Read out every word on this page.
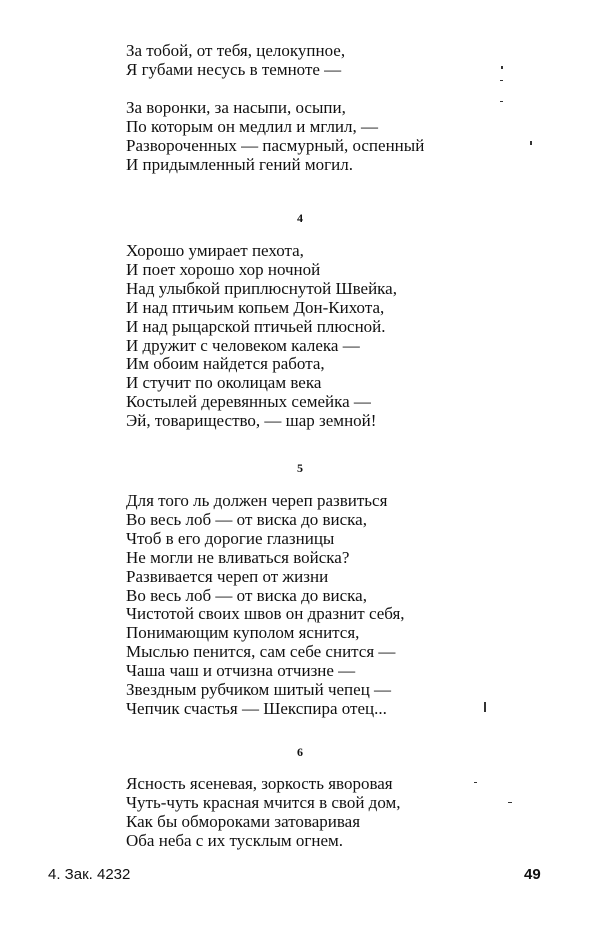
За тобой, от тебя, целокупное,
Я губами несусь в темноте —
За воронки, за насыпи, осыпи,
По которым он медлил и мглил, —
Развороченных — пасмурный, оспенный
И придымленный гений могил.
4
Хорошо умирает пехота,
И поет хорошо хор ночной
Над улыбкой приплюснутой Швейка,
И над птичьим копьем Дон-Кихота,
И над рыцарской птичьей плюсной.
И дружит с человеком калека —
Им обоим найдется работа,
И стучит по околицам века
Костылей деревянных семейка —
Эй, товарищество, — шар земной!
5
Для того ль должен череп развиться
Во весь лоб — от виска до виска,
Чтоб в его дорогие глазницы
Не могли не вливаться войска?
Развивается череп от жизни
Во весь лоб — от виска до виска,
Чистотой своих швов он дразнит себя,
Понимающим куполом яснится,
Мыслью пенится, сам себе снится —
Чаша чаш и отчизна отчизне —
Звездным рубчиком шитый чепец —
Чепчик счастья — Шекспира отец...
6
Ясность ясеневая, зоркость яворовая
Чуть-чуть красная мчится в свой дом,
Как бы обмороками затоваривая
Оба неба с их тусклым огнем.
4. Зак. 4232	49
